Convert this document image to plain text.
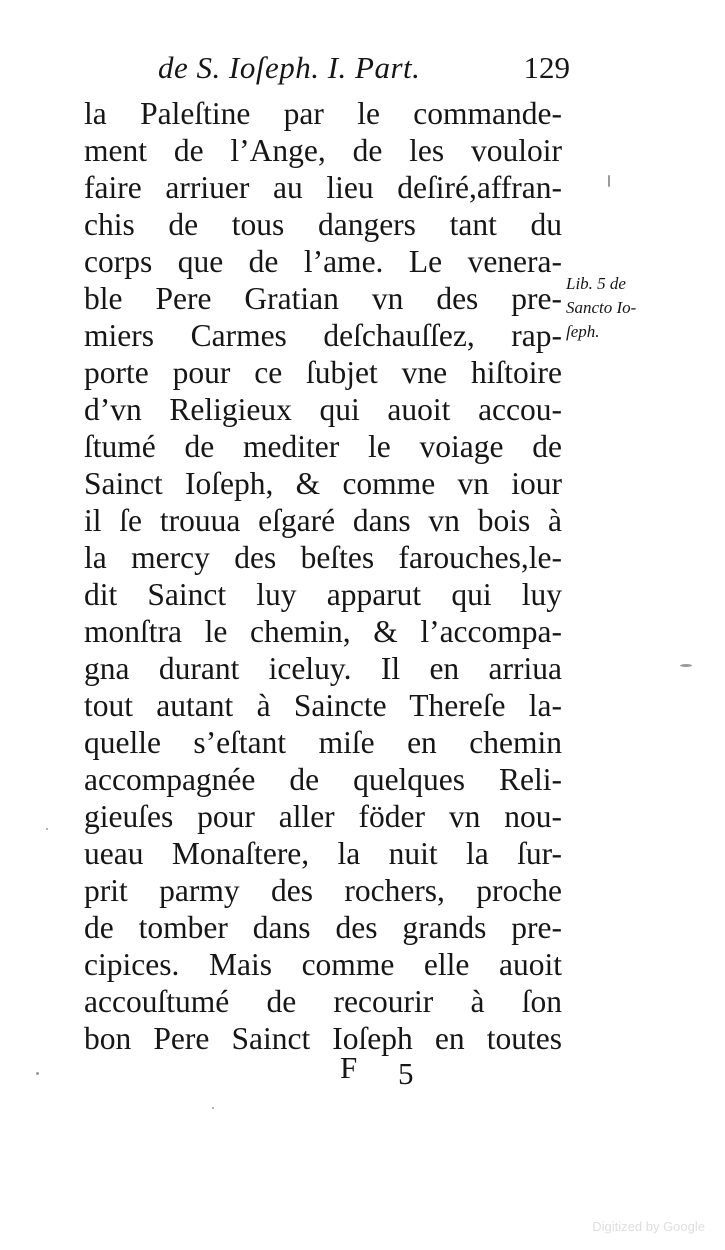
de S. Ioſeph. I. Part.	129
la Paleſtine par le commande-
ment de l’Ange, de les vouloir
faire arriuer au lieu deſiré,affran-
chis de tous dangers tant du
corps que de l’ame. Le venera-
ble Pere Gratian vn des pre-
miers Carmes deſchauſſez, rap-
porte pour ce ſubjet vne hiſtoire
d’vn Religieux qui auoit accou-
ſtumé de mediter le voiage de
Sainct Ioſeph, & comme vn iour
il ſe trouua eſgaré dans vn bois à
la mercy des beſtes farouches,le-
dit Sainct luy apparut qui luy
monſtra le chemin, & l’accompa-
gna durant iceluy. Il en arriua
tout autant à Saincte Thereſe la-
quelle s’eſtant miſe en chemin
accompagnée de quelques Reli-
gieuſes pour aller föder vn nou-
ueau Monaſtere, la nuit la ſur-
prit parmy des rochers, proche
de tomber dans des grands pre-
cipices. Mais comme elle auoit
accouſtumé de recourir à ſon
bon Pere Sainct Ioſeph en toutes
Lib. 5 de
Sancto Io-
ſeph.
F 5
Digitized by Google
